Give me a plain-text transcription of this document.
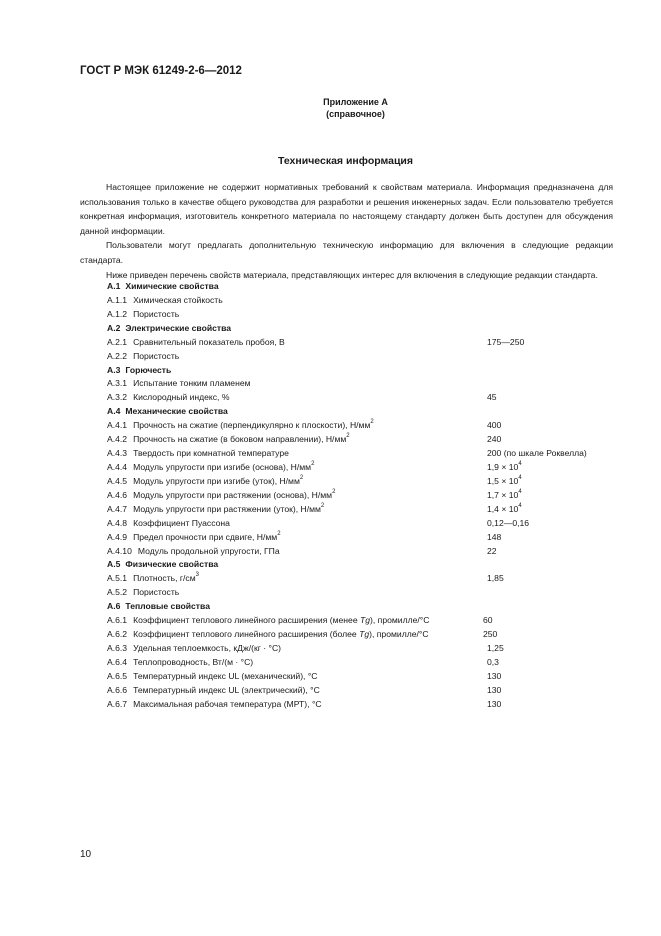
ГОСТ Р МЭК 61249-2-6—2012
Приложение А
(справочное)
Техническая информация

Настоящее приложение не содержит нормативных требований к свойствам материала. Информация предназначена для использования только в качестве общего руководства для разработки и решения инженерных задач. Если пользователю требуется конкретная информация, изготовитель конкретного материала по настоящему стандарту должен быть доступен для обсуждения данной информации.

Пользователи могут предлагать дополнительную техническую информацию для включения в следующие редакции стандарта.

Ниже приведен перечень свойств материала, представляющих интерес для включения в следующие редакции стандарта.

А.1 Химические свойства
А.1.1 Химическая стойкость
А.1.2 Пористость
А.2 Электрические свойства
А.2.1 Сравнительный показатель пробоя, В	175—250
А.2.2 Пористость
А.3 Горючесть
А.3.1 Испытание тонким пламенем
А.3.2 Кислородный индекс, %	45
А.4 Механические свойства
А.4.1 Прочность на сжатие (перпендикулярно к плоскости), $Н/мм^2$	400
А.4.2 Прочность на сжатие (в боковом направлении), $Н/мм^2$	240
А.4.3 Твердость при комнатной температуре	200 (по шкале Роквелла)
А.4.4 Модуль упругости при изгибе (основа), $Н/мм^2$	$1,9 \times 10^4$
А.4.5 Модуль упругости при изгибе (уток), $Н/мм^2$	$1,5 \times 10^4$
А.4.6 Модуль упругости при растяжении (основа), $Н/мм^2$	$1,7 \times 10^4$
А.4.7 Модуль упругости при растяжении (уток), $Н/мм^2$	$1,4 \times 10^4$
А.4.8 Коэффициент Пуассона	0,12—0,16
А.4.9 Предел прочности при сдвиге, $Н/мм^2$	148
А.4.10 Модуль продольной упругости, ГПа	22
А.5 Физические свойства
А.5.1 Плотность, $г/см^3$	1,85
А.5.2 Пористость
А.6 Тепловые свойства
А.6.1 Коэффициент теплового линейного расширения (менее Tg), промилле/°C	60
А.6.2 Коэффициент теплового линейного расширения (более Tg), промилле/°C	250
А.6.3 Удельная теплоемкость, кДж/(кг · °C)	1,25
А.6.4 Теплопроводность, Вт/(м · °C)	0,3
А.6.5 Температурный индекс UL (механический), °C	130
А.6.6 Температурный индекс UL (электрический), °C	130
А.6.7 Максимальная рабочая температура (МРТ), °C	130
10
